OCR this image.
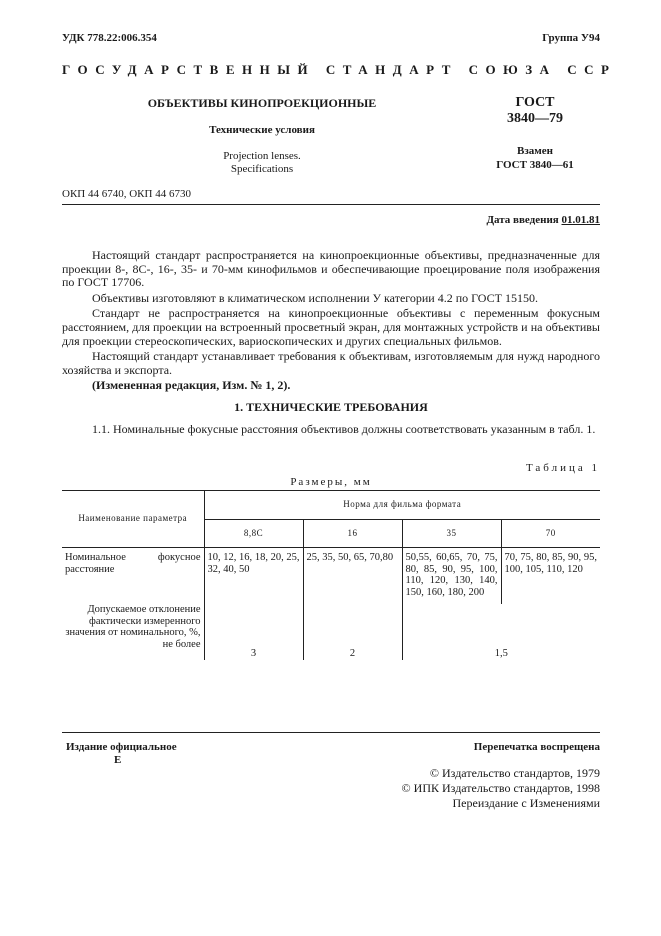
УДК 778.22:006.354	Группа У94
ГОСУДАРСТВЕННЫЙ СТАНДАРТ СОЮЗА ССР
ОБЪЕКТИВЫ КИНОПРОЕКЦИОННЫЕ
Технические условия
Projection lenses.
Specifications
ГОСТ
3840—79
Взамен
ГОСТ 3840—61
ОКП 44 6740, ОКП 44 6730
Дата введения 01.01.81

Настоящий стандарт распространяется на кинопроекционные объективы, предназначенные для проекции 8-, 8С-, 16-, 35- и 70-мм кинофильмов и обеспечивающие проецирование поля изображения по ГОСТ 17706.

Объективы изготовляют в климатическом исполнении У категории 4.2 по ГОСТ 15150.

Стандарт не распространяется на кинопроекционные объективы с переменным фокусным расстоянием, для проекции на встроенный просветный экран, для монтажных устройств и на объективы для проекции стереоскопических, вариоскопических и других специальных фильмов.

Настоящий стандарт устанавливает требования к объективам, изготовляемым для нужд народного хозяйства и экспорта.

(Измененная редакция, Изм. № 1, 2).

1. ТЕХНИЧЕСКИЕ ТРЕБОВАНИЯ

1.1. Номинальные фокусные расстояния объективов должны соответствовать указанным в табл. 1.

Таблица 1
Размеры, мм
Наименование параметра	Норма для фильма формата			
	8,8С	16	35	70
Номинальное фокусное расстояние	10, 12, 16, 18, 20, 25, 32, 40, 50	25, 35, 50, 65, 70,80	50,55, 60,65, 70, 75, 80, 85, 90, 95, 100, 110, 120, 130, 140, 150, 160, 180, 200	70, 75, 80, 85, 90, 95, 100, 105, 110, 120
Допускаемое отклонение фактически измеренного значения от номинального, %, не более	3	2	1,5	
Издание официальное
Е
Перепечатка воспрещена
© Издательство стандартов, 1979
© ИПК Издательство стандартов, 1998
Переиздание с Изменениями
